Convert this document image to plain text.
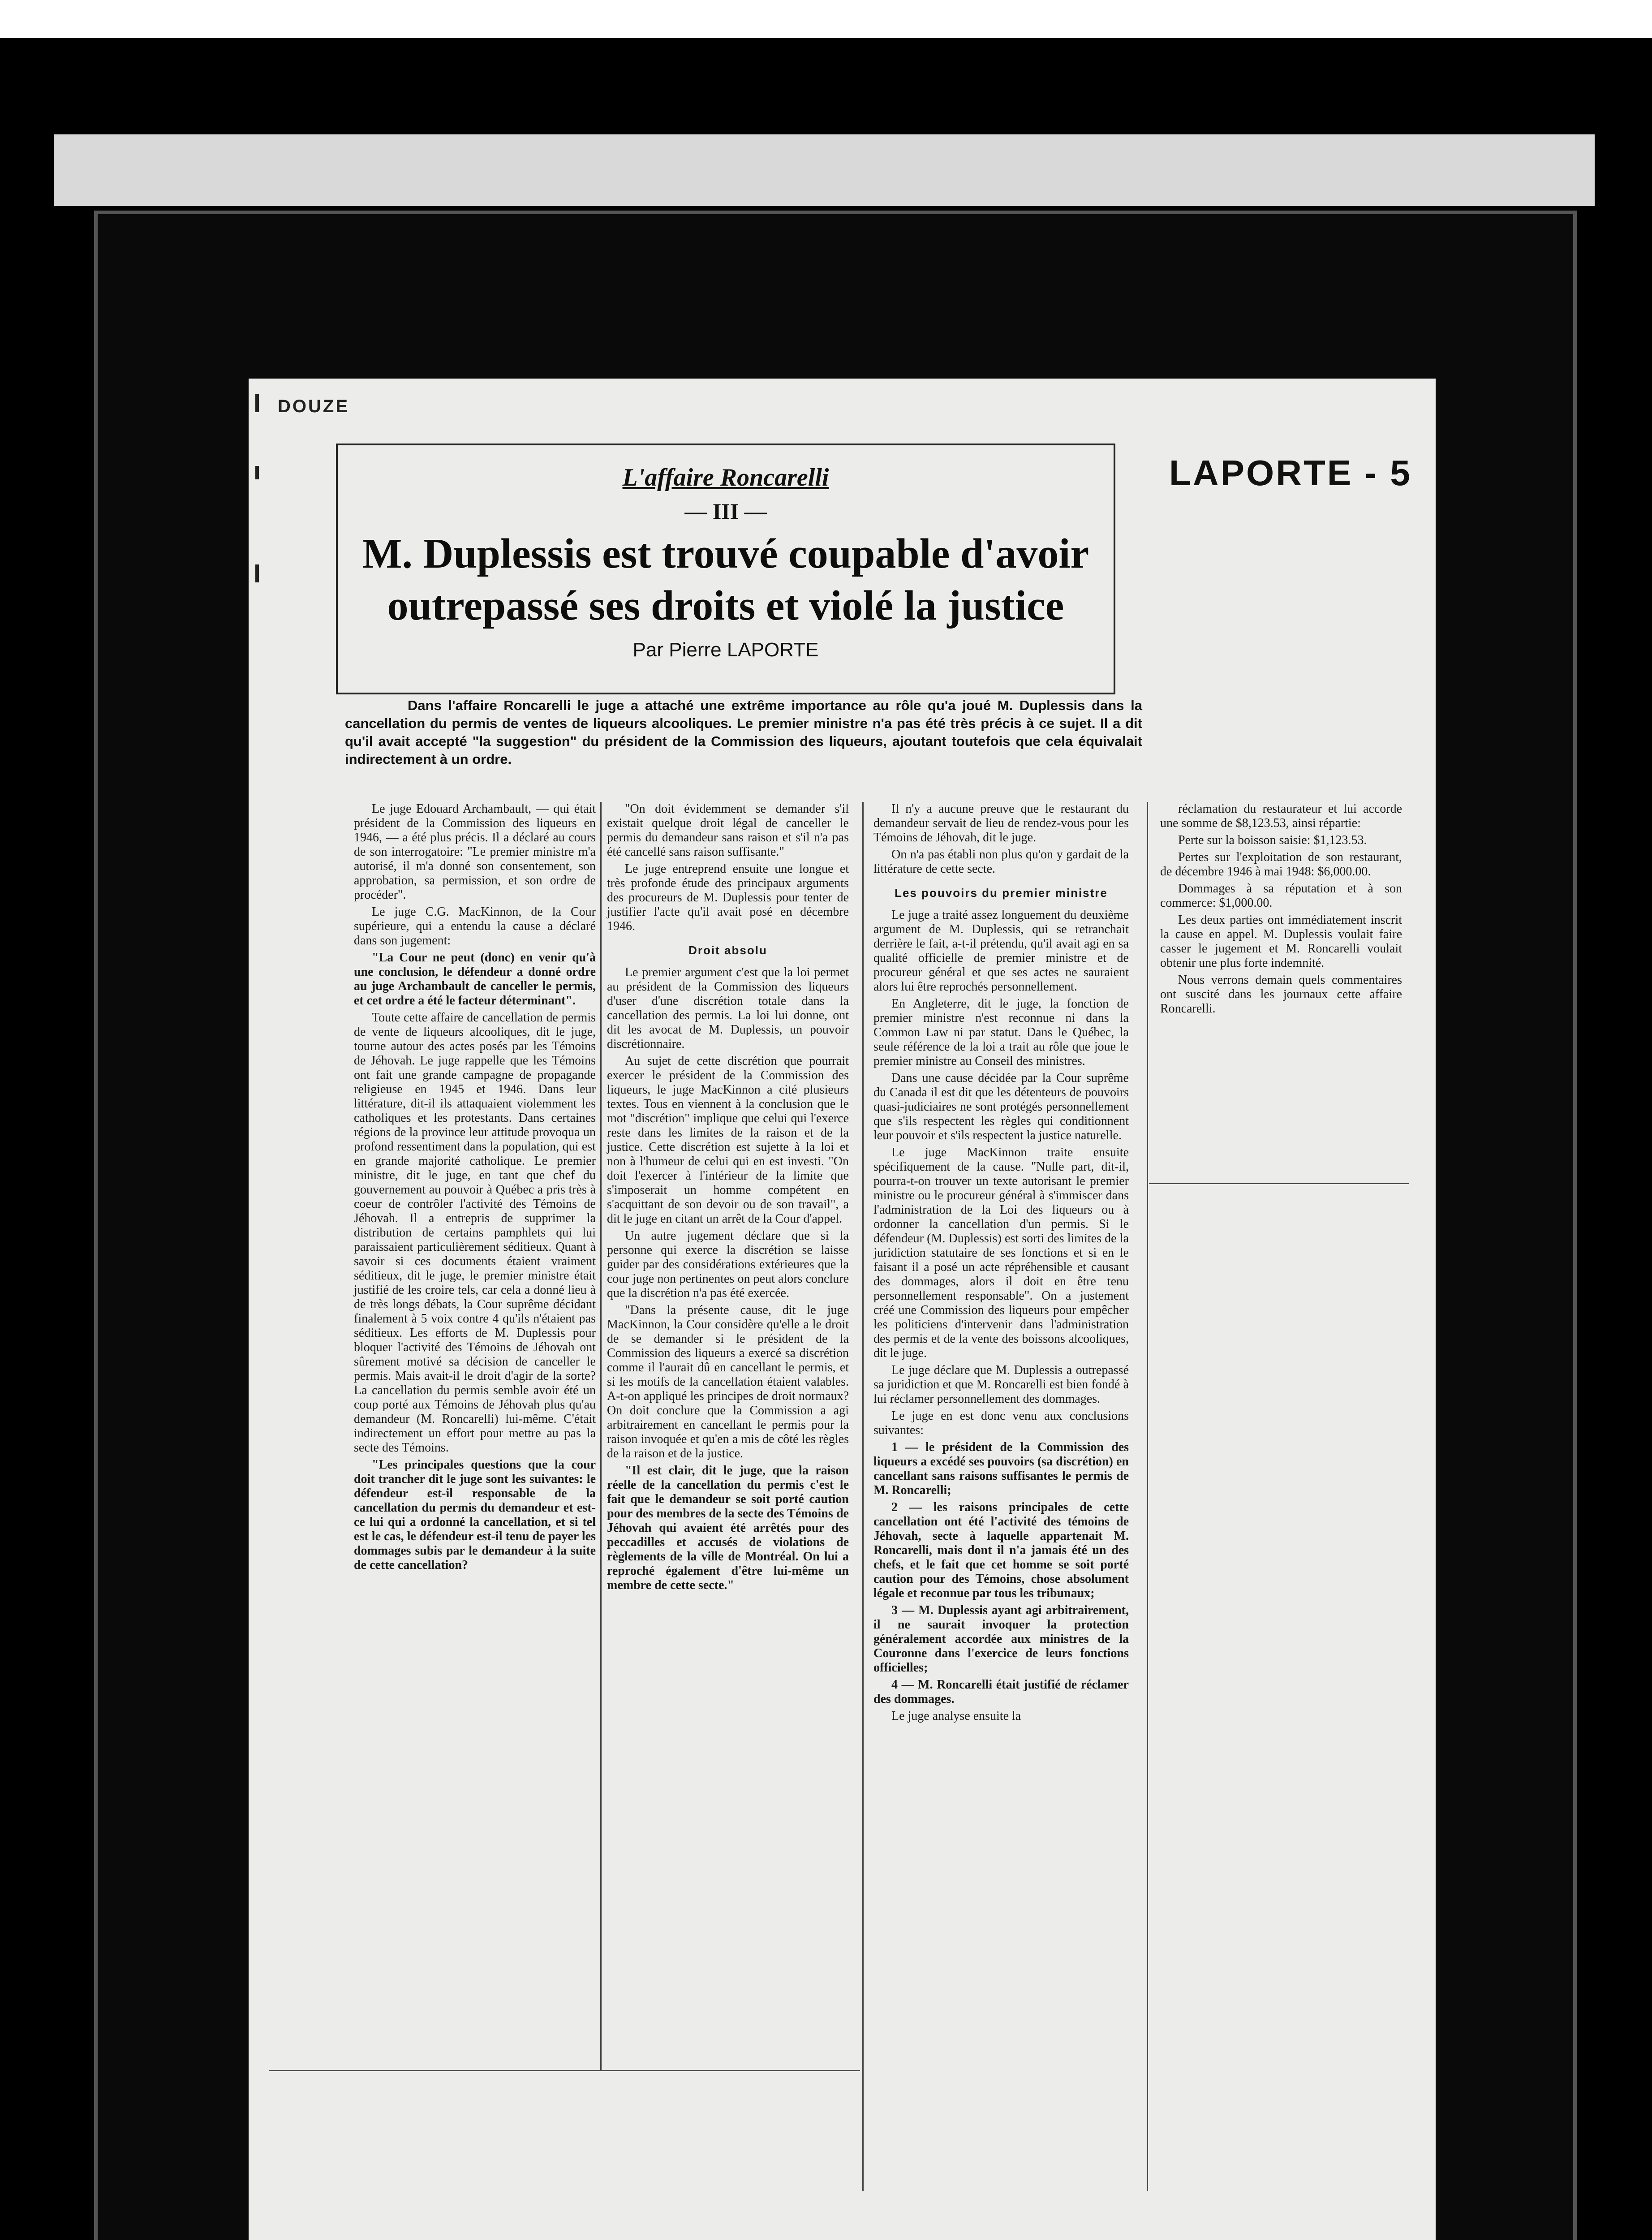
DOUZE
LAPORTE - 5
L'affaire Roncarelli
— III —
M. Duplessis est trouvé coupable d'avoir outrepassé ses droits et violé la justice
Par Pierre LAPORTE
Dans l'affaire Roncarelli le juge a attaché une extrême importance au rôle qu'a joué M. Duplessis dans la cancellation du permis de ventes de liqueurs alcooliques. Le premier ministre n'a pas été très précis à ce sujet. Il a dit qu'il avait accepté "la suggestion" du président de la Commission des liqueurs, ajoutant toutefois que cela équivalait indirectement à un ordre.

Le juge Edouard Archambault, — qui était président de la Commission des liqueurs en 1946, — a été plus précis. Il a déclaré au cours de son interrogatoire: "Le premier ministre m'a autorisé, il m'a donné son consentement, son approbation, sa permission, et son ordre de procéder".

Le juge C.G. MacKinnon, de la Cour supérieure, qui a entendu la cause a déclaré dans son jugement:

"La Cour ne peut (donc) en venir qu'à une conclusion, le défendeur a donné ordre au juge Archambault de canceller le permis, et cet ordre a été le facteur déterminant".

Toute cette affaire de cancellation de permis de vente de liqueurs alcooliques, dit le juge, tourne autour des actes posés par les Témoins de Jéhovah. Le juge rappelle que les Témoins ont fait une grande campagne de propagande religieuse en 1945 et 1946. Dans leur littérature, dit-il ils attaquaient violemment les catholiques et les protestants. Dans certaines régions de la province leur attitude provoqua un profond ressentiment dans la population, qui est en grande majorité catholique. Le premier ministre, dit le juge, en tant que chef du gouvernement au pouvoir à Québec a pris très à coeur de contrôler l'activité des Témoins de Jéhovah. Il a entrepris de supprimer la distribution de certains pamphlets qui lui paraissaient particulièrement séditieux. Quant à savoir si ces documents étaient vraiment séditieux, dit le juge, le premier ministre était justifié de les croire tels, car cela a donné lieu à de très longs débats, la Cour suprême décidant finalement à 5 voix contre 4 qu'ils n'étaient pas séditieux. Les efforts de M. Duplessis pour bloquer l'activité des Témoins de Jéhovah ont sûrement motivé sa décision de canceller le permis. Mais avait-il le droit d'agir de la sorte? La cancellation du permis semble avoir été un coup porté aux Témoins de Jéhovah plus qu'au demandeur (M. Roncarelli) lui-même. C'était indirectement un effort pour mettre au pas la secte des Témoins.

"Les principales questions que la cour doit trancher dit le juge sont les suivantes: le défendeur est-il responsable de la cancellation du permis du demandeur et est-ce lui qui a ordonné la cancellation, et si tel est le cas, le défendeur est-il tenu de payer les dommages subis par le demandeur à la suite de cette cancellation?

"On doit évidemment se demander s'il existait quelque droit légal de canceller le permis du demandeur sans raison et s'il n'a pas été cancellé sans raison suffisante."

Le juge entreprend ensuite une longue et très profonde étude des principaux arguments des procureurs de M. Duplessis pour tenter de justifier l'acte qu'il avait posé en décembre 1946.

Droit absolu

Le premier argument c'est que la loi permet au président de la Commission des liqueurs d'user d'une discrétion totale dans la cancellation des permis. La loi lui donne, ont dit les avocat de M. Duplessis, un pouvoir discrétionnaire.

Au sujet de cette discrétion que pourrait exercer le président de la Commission des liqueurs, le juge MacKinnon a cité plusieurs textes. Tous en viennent à la conclusion que le mot "discrétion" implique que celui qui l'exerce reste dans les limites de la raison et de la justice. Cette discrétion est sujette à la loi et non à l'humeur de celui qui en est investi. "On doit l'exercer à l'intérieur de la limite que s'imposerait un homme compétent en s'acquittant de son devoir ou de son travail", a dit le juge en citant un arrêt de la Cour d'appel.

Un autre jugement déclare que si la personne qui exerce la discrétion se laisse guider par des considérations extérieures que la cour juge non pertinentes on peut alors conclure que la discrétion n'a pas été exercée.

"Dans la présente cause, dit le juge MacKinnon, la Cour considère qu'elle a le droit de se demander si le président de la Commission des liqueurs a exercé sa discrétion comme il l'aurait dû en cancellant le permis, et si les motifs de la cancellation étaient valables. A-t-on appliqué les principes de droit normaux? On doit conclure que la Commission a agi arbitrairement en cancellant le permis pour la raison invoquée et qu'en a mis de côté les règles de la raison et de la justice.

"Il est clair, dit le juge, que la raison réelle de la cancellation du permis c'est le fait que le demandeur se soit porté caution pour des membres de la secte des Témoins de Jéhovah qui avaient été arrêtés pour des peccadilles et accusés de violations de règlements de la ville de Montréal. On lui a reproché également d'être lui-même un membre de cette secte."

Il n'y a aucune preuve que le restaurant du demandeur servait de lieu de rendez-vous pour les Témoins de Jéhovah, dit le juge.

On n'a pas établi non plus qu'on y gardait de la littérature de cette secte.

Les pouvoirs du premier ministre

Le juge a traité assez longuement du deuxième argument de M. Duplessis, qui se retranchait derrière le fait, a-t-il prétendu, qu'il avait agi en sa qualité officielle de premier ministre et de procureur général et que ses actes ne sauraient alors lui être reprochés personnellement.

En Angleterre, dit le juge, la fonction de premier ministre n'est reconnue ni dans la Common Law ni par statut. Dans le Québec, la seule référence de la loi a trait au rôle que joue le premier ministre au Conseil des ministres.

Dans une cause décidée par la Cour suprême du Canada il est dit que les détenteurs de pouvoirs quasi-judiciaires ne sont protégés personnellement que s'ils respectent les règles qui conditionnent leur pouvoir et s'ils respectent la justice naturelle.

Le juge MacKinnon traite ensuite spécifiquement de la cause. "Nulle part, dit-il, pourra-t-on trouver un texte autorisant le premier ministre ou le procureur général à s'immiscer dans l'administration de la Loi des liqueurs ou à ordonner la cancellation d'un permis. Si le défendeur (M. Duplessis) est sorti des limites de la juridiction statutaire de ses fonctions et si en le faisant il a posé un acte répréhensible et causant des dommages, alors il doit en être tenu personnellement responsable". On a justement créé une Commission des liqueurs pour empêcher les politiciens d'intervenir dans l'administration des permis et de la vente des boissons alcooliques, dit le juge.

Le juge déclare que M. Duplessis a outrepassé sa juridiction et que M. Roncarelli est bien fondé à lui réclamer personnellement des dommages.

Le juge en est donc venu aux conclusions suivantes:

1 — le président de la Commission des liqueurs a excédé ses pouvoirs (sa discrétion) en cancellant sans raisons suffisantes le permis de M. Roncarelli;

2 — les raisons principales de cette cancellation ont été l'activité des témoins de Jéhovah, secte à laquelle appartenait M. Roncarelli, mais dont il n'a jamais été un des chefs, et le fait que cet homme se soit porté caution pour des Témoins, chose absolument légale et reconnue par tous les tribunaux;

3 — M. Duplessis ayant agi arbitrairement, il ne saurait invoquer la protection généralement accordée aux ministres de la Couronne dans l'exercice de leurs fonctions officielles;

4 — M. Roncarelli était justifié de réclamer des dommages.

Le juge analyse ensuite la

réclamation du restaurateur et lui accorde une somme de $8,123.53, ainsi répartie:

Perte sur la boisson saisie: $1,123.53.

Pertes sur l'exploitation de son restaurant, de décembre 1946 à mai 1948: $6,000.00.

Dommages à sa réputation et à son commerce: $1,000.00.

Les deux parties ont immédiatement inscrit la cause en appel. M. Duplessis voulait faire casser le jugement et M. Roncarelli voulait obtenir une plus forte indemnité.

Nous verrons demain quels commentaires ont suscité dans les journaux cette affaire Roncarelli.
